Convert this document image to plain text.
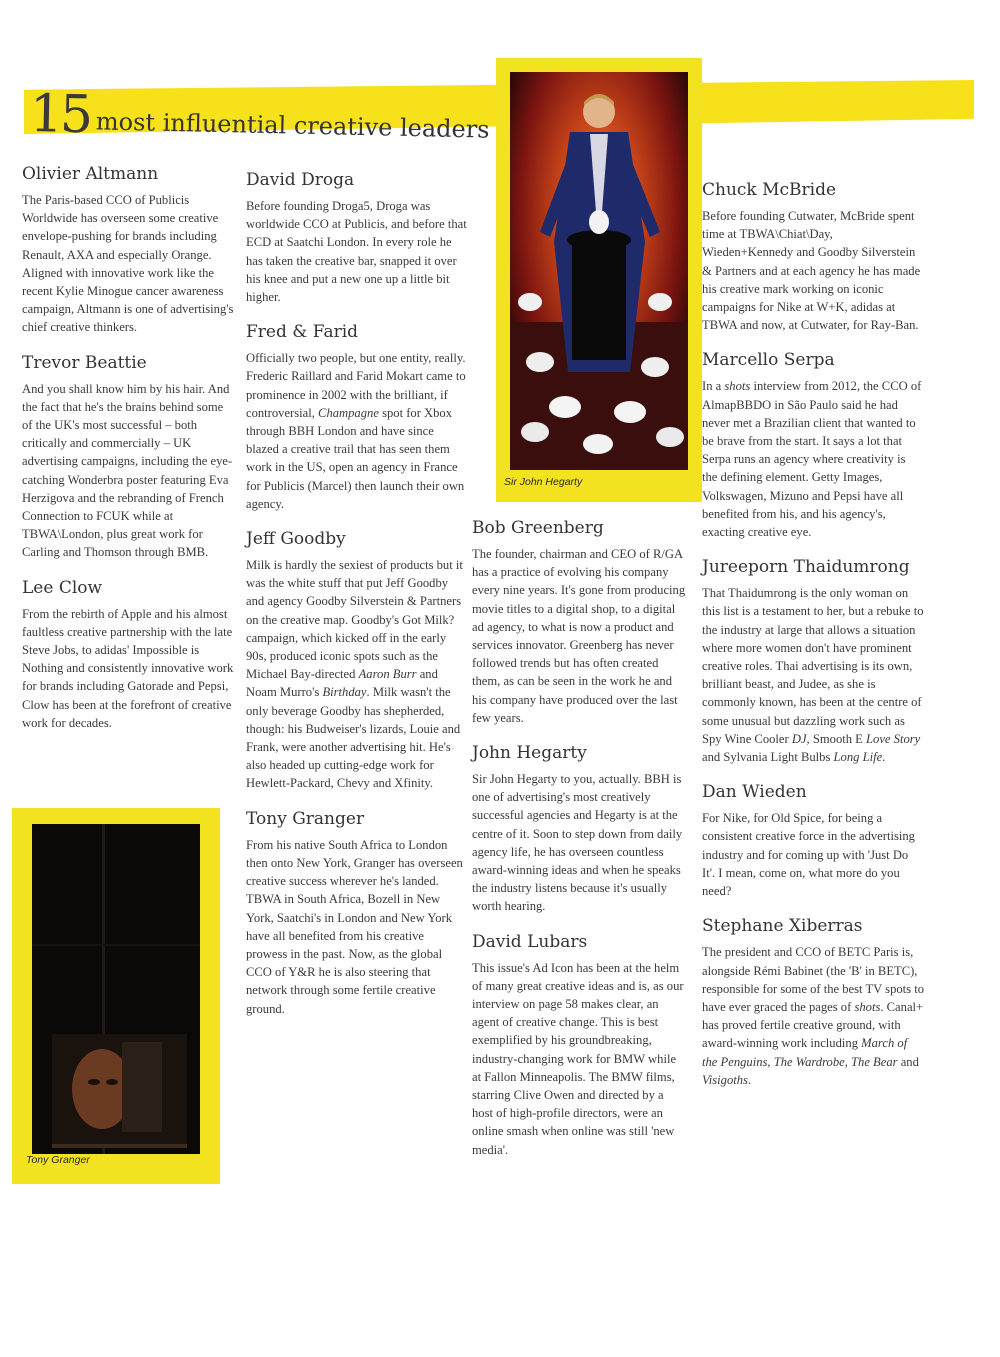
15 most influential creative leaders
Olivier Altmann

The Paris-based CCO of Publicis Worldwide has overseen some creative envelope-pushing for brands including Renault, AXA and especially Orange. Aligned with innovative work like the recent Kylie Minogue cancer awareness campaign, Altmann is one of advertising's chief creative thinkers.

Trevor Beattie

And you shall know him by his hair. And the fact that he's the brains behind some of the UK's most successful – both critically and commercially – UK advertising campaigns, including the eye-catching Wonderbra poster featuring Eva Herzigova and the rebranding of French Connection to FCUK while at TBWA\London, plus great work for Carling and Thomson through BMB.

Lee Clow

From the rebirth of Apple and his almost faultless creative partnership with the late Steve Jobs, to adidas' Impossible is Nothing and consistently innovative work for brands including Gatorade and Pepsi, Clow has been at the forefront of creative work for decades.

Tony Granger
David Droga

Before founding Droga5, Droga was worldwide CCO at Publicis, and before that ECD at Saatchi London. In every role he has taken the creative bar, snapped it over his knee and put a new one up a little bit higher.

Fred & Farid

Officially two people, but one entity, really. Frederic Raillard and Farid Mokart came to prominence in 2002 with the brilliant, if controversial, Champagne spot for Xbox through BBH London and have since blazed a creative trail that has seen them work in the US, open an agency in France for Publicis (Marcel) then launch their own agency.

Jeff Goodby

Milk is hardly the sexiest of products but it was the white stuff that put Jeff Goodby and agency Goodby Silverstein & Partners on the creative map. Goodby's Got Milk? campaign, which kicked off in the early 90s, produced iconic spots such as the Michael Bay-directed Aaron Burr and Noam Murro's Birthday. Milk wasn't the only beverage Goodby has shepherded, though: his Budweiser's lizards, Louie and Frank, were another advertising hit. He's also headed up cutting-edge work for Hewlett-Packard, Chevy and Xfinity.

Tony Granger

From his native South Africa to London then onto New York, Granger has overseen creative success wherever he's landed. TBWA in South Africa, Bozell in New York, Saatchi's in London and New York have all benefited from his creative prowess in the past. Now, as the global CCO of Y&R he is also steering that network through some fertile creative ground.

Sir John Hegarty
Bob Greenberg

The founder, chairman and CEO of R/GA has a practice of evolving his company every nine years. It's gone from producing movie titles to a digital shop, to a digital ad agency, to what is now a product and services innovator. Greenberg has never followed trends but has often created them, as can be seen in the work he and his company have produced over the last few years.

John Hegarty

Sir John Hegarty to you, actually. BBH is one of advertising's most creatively successful agencies and Hegarty is at the centre of it. Soon to step down from daily agency life, he has overseen countless award-winning ideas and when he speaks the industry listens because it's usually worth hearing.

David Lubars

This issue's Ad Icon has been at the helm of many great creative ideas and is, as our interview on page 58 makes clear, an agent of creative change. This is best exemplified by his groundbreaking, industry-changing work for BMW while at Fallon Minneapolis. The BMW films, starring Clive Owen and directed by a host of high-profile directors, were an online smash when online was still 'new media'.

Chuck McBride

Before founding Cutwater, McBride spent time at TBWA\Chiat\Day, Wieden+Kennedy and Goodby Silverstein & Partners and at each agency he has made his creative mark working on iconic campaigns for Nike at W+K, adidas at TBWA and now, at Cutwater, for Ray-Ban.

Marcello Serpa

In a shots interview from 2012, the CCO of AlmapBBDO in São Paulo said he had never met a Brazilian client that wanted to be brave from the start. It says a lot that Serpa runs an agency where creativity is the defining element. Getty Images, Volkswagen, Mizuno and Pepsi have all benefited from his, and his agency's, exacting creative eye.

Jureeporn Thaidumrong

That Thaidumrong is the only woman on this list is a testament to her, but a rebuke to the industry at large that allows a situation where more women don't have prominent creative roles. Thai advertising is its own, brilliant beast, and Judee, as she is commonly known, has been at the centre of some unusual but dazzling work such as Spy Wine Cooler DJ, Smooth E Love Story and Sylvania Light Bulbs Long Life.

Dan Wieden

For Nike, for Old Spice, for being a consistent creative force in the advertising industry and for coming up with 'Just Do It'. I mean, come on, what more do you need?

Stephane Xiberras

The president and CCO of BETC Paris is, alongside Rémi Babinet (the 'B' in BETC), responsible for some of the best TV spots to have ever graced the pages of shots. Canal+ has proved fertile creative ground, with award-winning work including March of the Penguins, The Wardrobe, The Bear and Visigoths.
